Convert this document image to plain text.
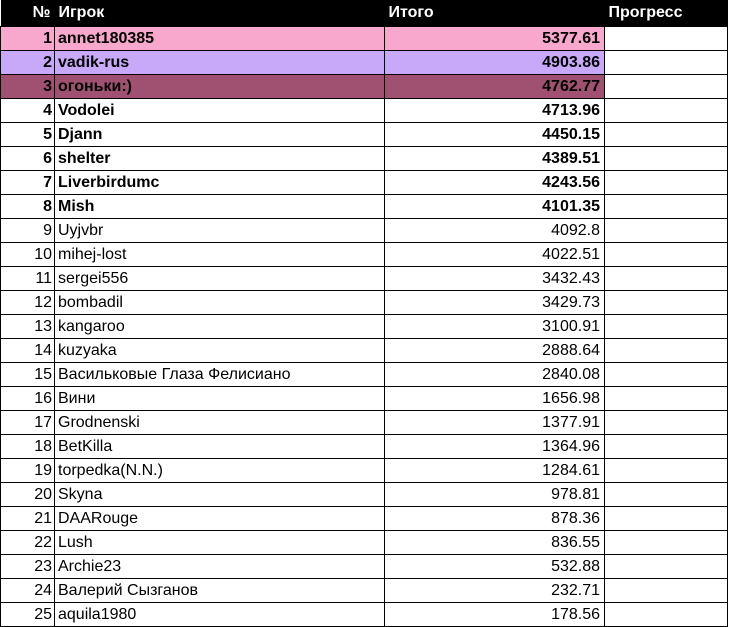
№	Игрок	Итого	Прогресс
1	annet180385	5377.61	
2	vadik-rus	4903.86	
3	огоньки:)	4762.77	
4	Vodolei	4713.96	
5	Djann	4450.15	
6	shelter	4389.51	
7	Liverbirdumc	4243.56	
8	Mish	4101.35	
9	Uyjvbr	4092.8	
10	mihej-lost	4022.51	
11	sergei556	3432.43	
12	bombadil	3429.73	
13	kangaroo	3100.91	
14	kuzyaka	2888.64	
15	Васильковые Глаза Фелисиано	2840.08	
16	Вини	1656.98	
17	Grodnenski	1377.91	
18	BetKilla	1364.96	
19	torpedka(N.N.)	1284.61	
20	Skyna	978.81	
21	DAARouge	878.36	
22	Lush	836.55	
23	Archie23	532.88	
24	Валерий Сызганов	232.71	
25	aquila1980	178.56	
